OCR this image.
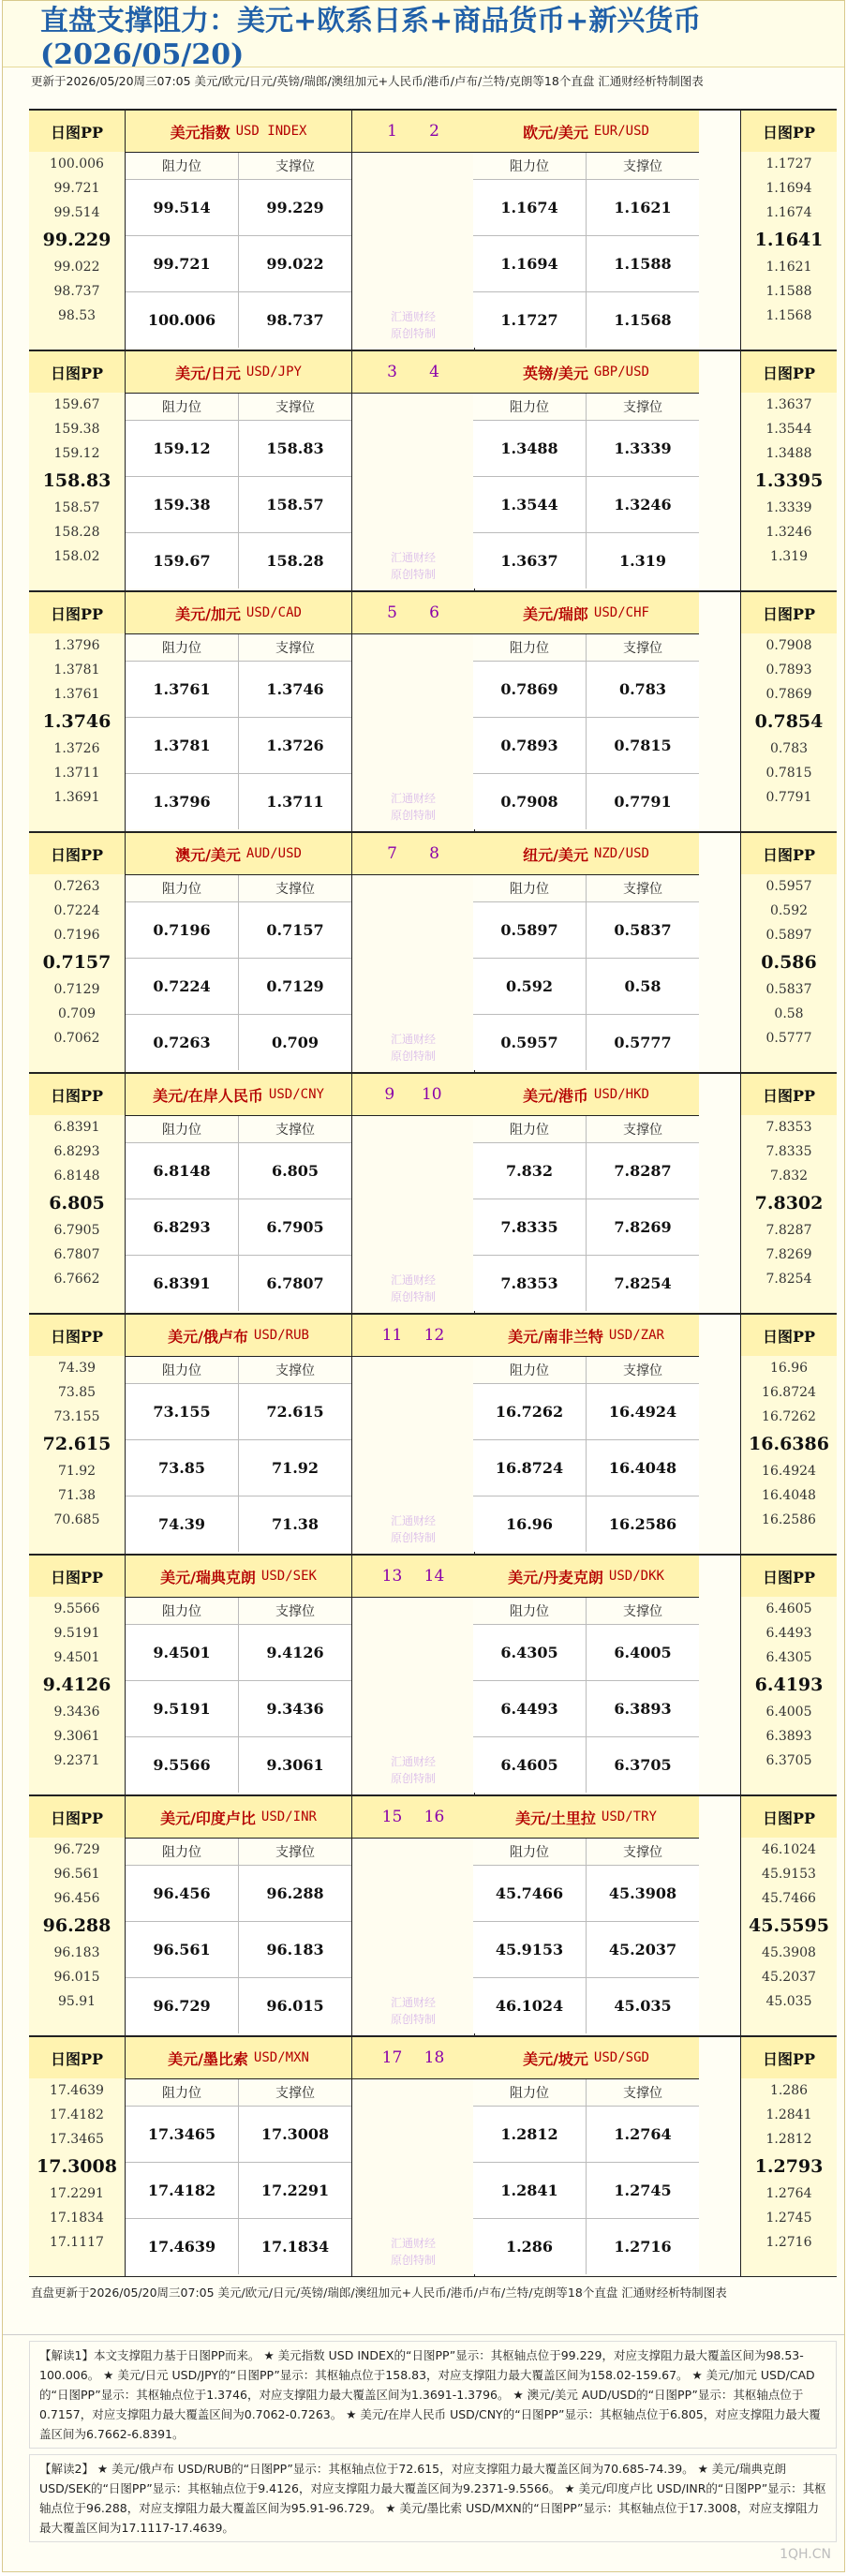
直盘支撑阻力：美元+欧系日系+商品货币+新兴货币(2026/05/20)
更新于2026/05/20周三07:05 美元/欧元/日元/英镑/瑞郎/澳纽加元+人民币/港币/卢布/兰特/克朗等18个直盘 汇通财经析特制图表
日图PP
100.006
99.721
99.514
99.229
99.022
98.737
98.53
美元指数 USD INDEX
阻力位	支撑位
99.514	99.229
99.721	99.022
100.006	98.737
1 2
汇通财经
原创特制
欧元/美元 EUR/USD
阻力位	支撑位
1.1674	1.1621
1.1694	1.1588
1.1727	1.1568
日图PP
1.1727
1.1694
1.1674
1.1641
1.1621
1.1588
1.1568
日图PP
159.67
159.38
159.12
158.83
158.57
158.28
158.02
美元/日元 USD/JPY
阻力位	支撑位
159.12	158.83
159.38	158.57
159.67	158.28
3 4
汇通财经
原创特制
英镑/美元 GBP/USD
阻力位	支撑位
1.3488	1.3339
1.3544	1.3246
1.3637	1.319
日图PP
1.3637
1.3544
1.3488
1.3395
1.3339
1.3246
1.319
日图PP
1.3796
1.3781
1.3761
1.3746
1.3726
1.3711
1.3691
美元/加元 USD/CAD
阻力位	支撑位
1.3761	1.3746
1.3781	1.3726
1.3796	1.3711
5 6
汇通财经
原创特制
美元/瑞郎 USD/CHF
阻力位	支撑位
0.7869	0.783
0.7893	0.7815
0.7908	0.7791
日图PP
0.7908
0.7893
0.7869
0.7854
0.783
0.7815
0.7791
日图PP
0.7263
0.7224
0.7196
0.7157
0.7129
0.709
0.7062
澳元/美元 AUD/USD
阻力位	支撑位
0.7196	0.7157
0.7224	0.7129
0.7263	0.709
7 8
汇通财经
原创特制
纽元/美元 NZD/USD
阻力位	支撑位
0.5897	0.5837
0.592	0.58
0.5957	0.5777
日图PP
0.5957
0.592
0.5897
0.586
0.5837
0.58
0.5777
日图PP
6.8391
6.8293
6.8148
6.805
6.7905
6.7807
6.7662
美元/在岸人民币 USD/CNY
阻力位	支撑位
6.8148	6.805
6.8293	6.7905
6.8391	6.7807
9 10
汇通财经
原创特制
美元/港币 USD/HKD
阻力位	支撑位
7.832	7.8287
7.8335	7.8269
7.8353	7.8254
日图PP
7.8353
7.8335
7.832
7.8302
7.8287
7.8269
7.8254
日图PP
74.39
73.85
73.155
72.615
71.92
71.38
70.685
美元/俄卢布 USD/RUB
阻力位	支撑位
73.155	72.615
73.85	71.92
74.39	71.38
11 12
汇通财经
原创特制
美元/南非兰特 USD/ZAR
阻力位	支撑位
16.7262	16.4924
16.8724	16.4048
16.96	16.2586
日图PP
16.96
16.8724
16.7262
16.6386
16.4924
16.4048
16.2586
日图PP
9.5566
9.5191
9.4501
9.4126
9.3436
9.3061
9.2371
美元/瑞典克朗 USD/SEK
阻力位	支撑位
9.4501	9.4126
9.5191	9.3436
9.5566	9.3061
13 14
汇通财经
原创特制
美元/丹麦克朗 USD/DKK
阻力位	支撑位
6.4305	6.4005
6.4493	6.3893
6.4605	6.3705
日图PP
6.4605
6.4493
6.4305
6.4193
6.4005
6.3893
6.3705
日图PP
96.729
96.561
96.456
96.288
96.183
96.015
95.91
美元/印度卢比 USD/INR
阻力位	支撑位
96.456	96.288
96.561	96.183
96.729	96.015
15 16
汇通财经
原创特制
美元/土里拉 USD/TRY
阻力位	支撑位
45.7466	45.3908
45.9153	45.2037
46.1024	45.035
日图PP
46.1024
45.9153
45.7466
45.5595
45.3908
45.2037
45.035
日图PP
17.4639
17.4182
17.3465
17.3008
17.2291
17.1834
17.1117
美元/墨比索 USD/MXN
阻力位	支撑位
17.3465	17.3008
17.4182	17.2291
17.4639	17.1834
17 18
汇通财经
原创特制
美元/坡元 USD/SGD
阻力位	支撑位
1.2812	1.2764
1.2841	1.2745
1.286	1.2716
日图PP
1.286
1.2841
1.2812
1.2793
1.2764
1.2745
1.2716
直盘更新于2026/05/20周三07:05 美元/欧元/日元/英镑/瑞郎/澳纽加元+人民币/港币/卢布/兰特/克朗等18个直盘 汇通财经析特制图表
【解读1】本文支撑阻力基于日图PP而来。 ★ 美元指数 USD INDEX的“日图PP”显示：其枢轴点位于99.229，对应支撑阻力最大覆盖区间为98.53-100.006。 ★ 美元/日元 USD/JPY的“日图PP”显示：其枢轴点位于158.83，对应支撑阻力最大覆盖区间为158.02-159.67。 ★ 美元/加元 USD/CAD的“日图PP”显示：其枢轴点位于1.3746，对应支撑阻力最大覆盖区间为1.3691-1.3796。 ★ 澳元/美元 AUD/USD的“日图PP”显示：其枢轴点位于0.7157，对应支撑阻力最大覆盖区间为0.7062-0.7263。 ★ 美元/在岸人民币 USD/CNY的“日图PP”显示：其枢轴点位于6.805，对应支撑阻力最大覆盖区间为6.7662-6.8391。
【解读2】 ★ 美元/俄卢布 USD/RUB的“日图PP”显示：其枢轴点位于72.615，对应支撑阻力最大覆盖区间为70.685-74.39。 ★ 美元/瑞典克朗 USD/SEK的“日图PP”显示：其枢轴点位于9.4126，对应支撑阻力最大覆盖区间为9.2371-9.5566。 ★ 美元/印度卢比 USD/INR的“日图PP”显示：其枢轴点位于96.288，对应支撑阻力最大覆盖区间为95.91-96.729。 ★ 美元/墨比索 USD/MXN的“日图PP”显示：其枢轴点位于17.3008，对应支撑阻力最大覆盖区间为17.1117-17.4639。
1QH.CN
